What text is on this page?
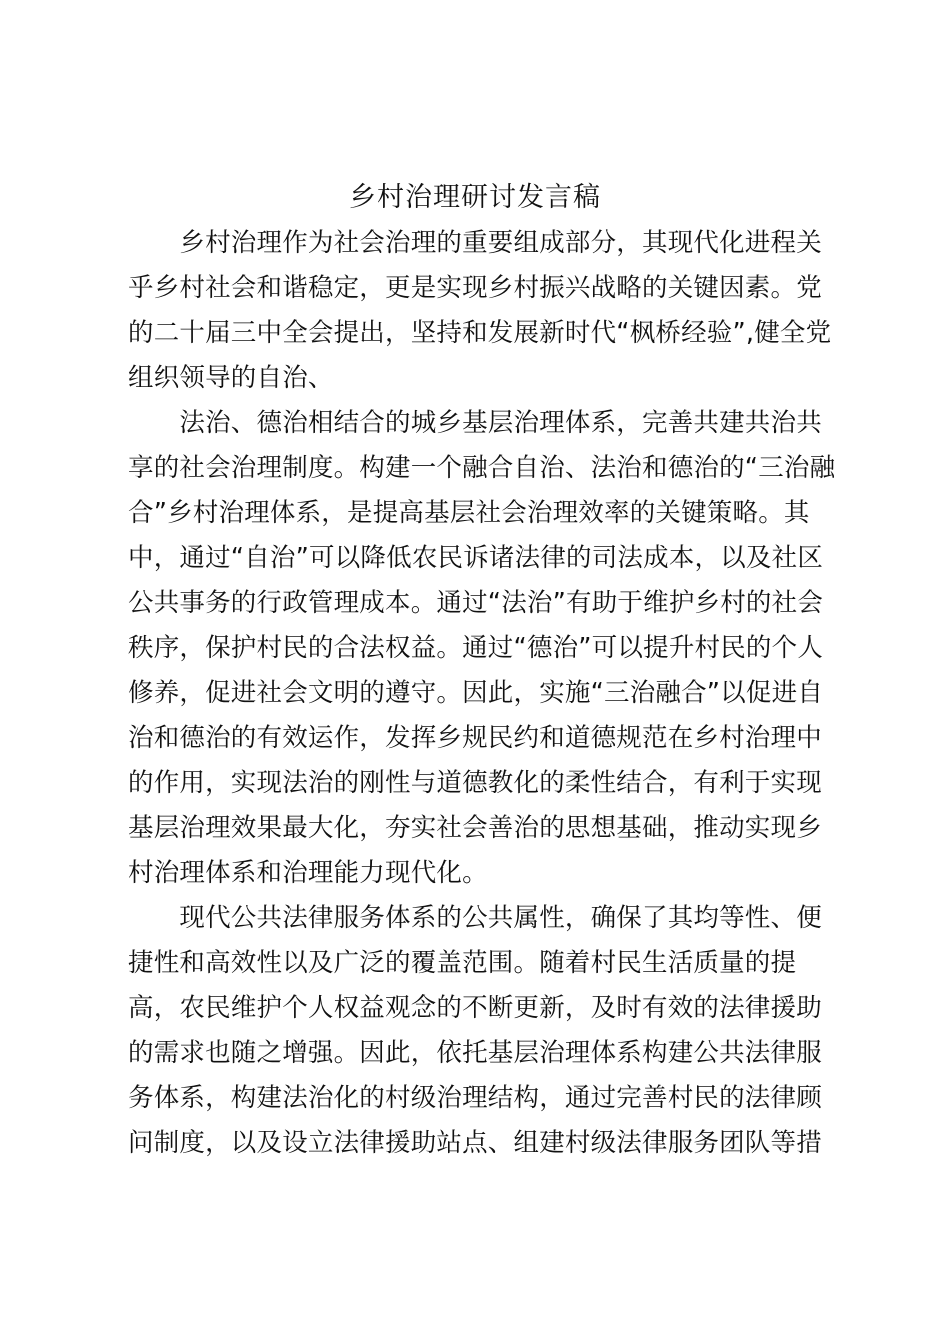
乡村治理研讨发言稿
　　乡村治理作为社会治理的重要组成部分，其现代化进程关
乎乡村社会和谐稳定，更是实现乡村振兴战略的关键因素。党
的二十届三中全会提出，坚持和发展新时代“枫桥经验”,健全党
组织领导的自治、
　　法治、德治相结合的城乡基层治理体系，完善共建共治共
享的社会治理制度。构建一个融合自治、法治和德治的“三治融
合”乡村治理体系，是提高基层社会治理效率的关键策略。其
中，通过“自治”可以降低农民诉诸法律的司法成本，以及社区
公共事务的行政管理成本。通过“法治”有助于维护乡村的社会
秩序，保护村民的合法权益。通过“德治”可以提升村民的个人
修养，促进社会文明的遵守。因此，实施“三治融合”以促进自
治和德治的有效运作，发挥乡规民约和道德规范在乡村治理中
的作用，实现法治的刚性与道德教化的柔性结合，有利于实现
基层治理效果最大化，夯实社会善治的思想基础，推动实现乡
村治理体系和治理能力现代化。
　　现代公共法律服务体系的公共属性，确保了其均等性、便
捷性和高效性以及广泛的覆盖范围。随着村民生活质量的提
高，农民维护个人权益观念的不断更新，及时有效的法律援助
的需求也随之增强。因此，依托基层治理体系构建公共法律服
务体系，构建法治化的村级治理结构，通过完善村民的法律顾
问制度，以及设立法律援助站点、组建村级法律服务团队等措
